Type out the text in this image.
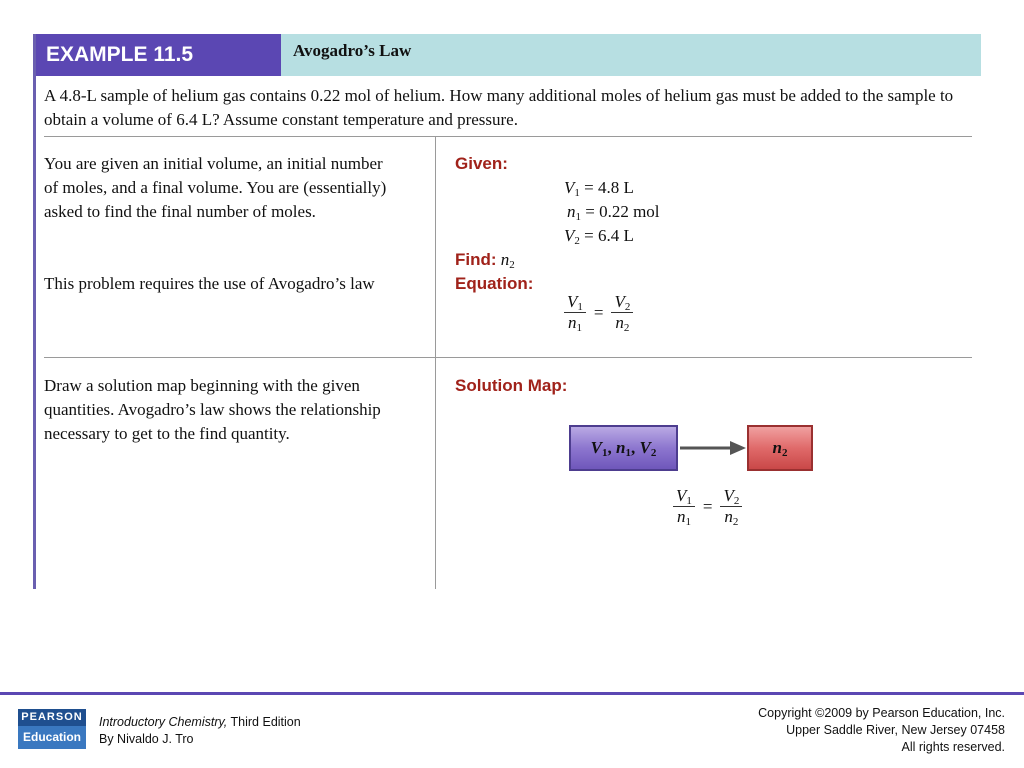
EXAMPLE 11.5	Avogadro’s Law
A 4.8-L sample of helium gas contains 0.22 mol of helium. How many additional moles of helium gas must be added to the sample to obtain a volume of 6.4 L? Assume constant temperature and pressure.
You are given an initial volume, an initial number of moles, and a final volume. You are (essentially) asked to find the final number of moles.
This problem requires the use of Avogadro’s law
Given:
$V_1 = 4.8$ L
$n_1 = 0.22$ mol
$V_2 = 6.4$ L
Find: $n_2$
Equation:
$\frac{V_1}{n_1} = \frac{V_2}{n_2}$
Draw a solution map beginning with the given quantities. Avogadro’s law shows the relationship necessary to get to the find quantity.
Solution Map:
$V_1$, $n_1$, $V_2$	$n_2$
$\frac{V_1}{n_1} = \frac{V_2}{n_2}$
PEARSON
Education
Introductory Chemistry, Third Edition
By Nivaldo J. Tro
Copyright ©2009 by Pearson Education, Inc.
Upper Saddle River, New Jersey 07458
All rights reserved.
